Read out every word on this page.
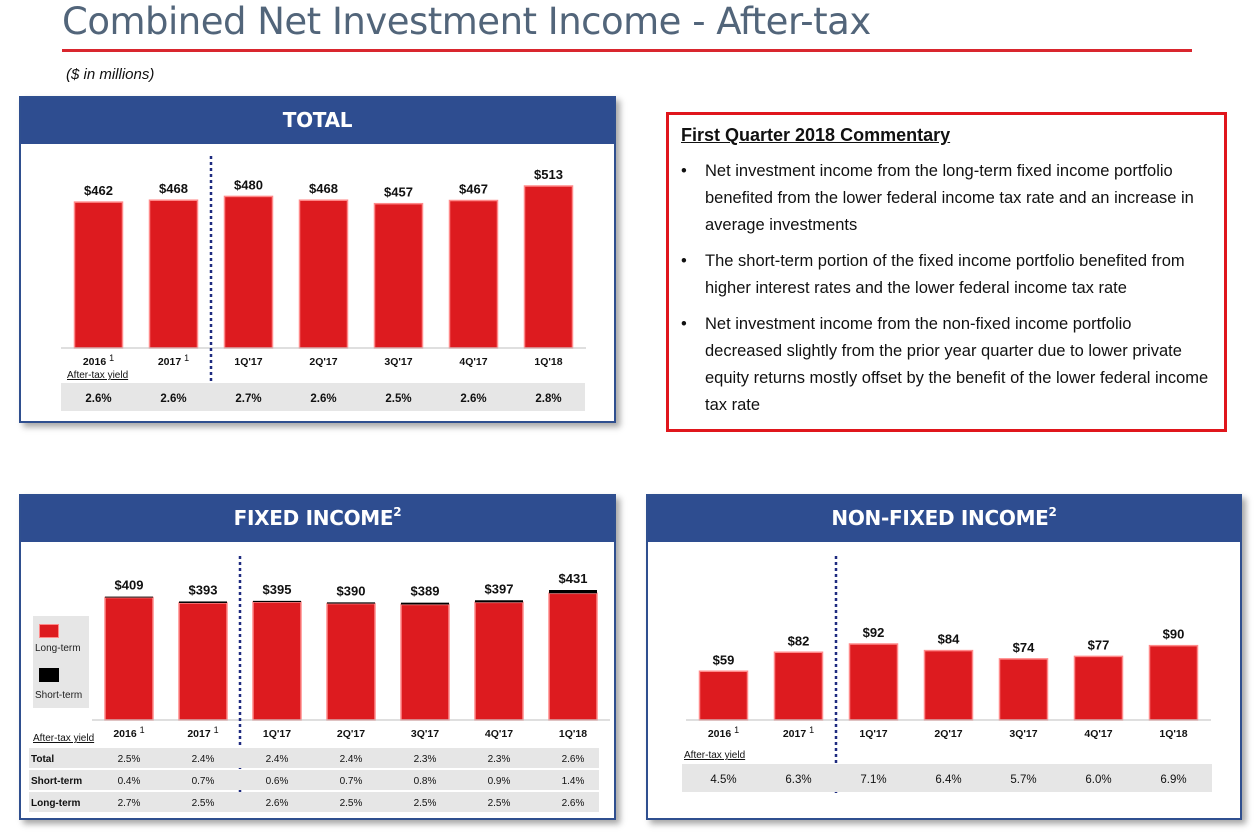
Combined Net Investment Income - After-tax
($ in millions)
TOTAL
$462
2016 1
$468
2017 1
$480
1Q'17
$468
2Q'17
$457
3Q'17
$467
4Q'17
$513
1Q'18
After-tax yield
2.6%	2.6%	2.7%	2.6%	2.5%	2.6%	2.8%
First Quarter 2018 Commentary
• Net investment income from the long-term fixed income portfolio benefited from the lower federal income tax rate and an increase in average investments
• The short-term portion of the fixed income portfolio benefited from higher interest rates and the lower federal income tax rate
• Net investment income from the non-fixed income portfolio decreased slightly from the prior year quarter due to lower private equity returns mostly offset by the benefit of the lower federal income tax rate
FIXED INCOME$^2$
Long-term
Short-term
$409
2016 1
$393
2017 1
$395
1Q'17
$390
2Q'17
$389
3Q'17
$397
4Q'17
$431
1Q'18
After-tax yield
Total	2.5%	2.4%	2.4%	2.4%	2.3%	2.3%	2.6%
Short-term	0.4%	0.7%	0.6%	0.7%	0.8%	0.9%	1.4%
Long-term	2.7%	2.5%	2.6%	2.5%	2.5%	2.5%	2.6%
NON-FIXED INCOME$^2$
$59
2016 1
$82
2017 1
$92
1Q'17
$84
2Q'17
$74
3Q'17
$77
4Q'17
$90
1Q'18
After-tax yield
4.5%	6.3%	7.1%	6.4%	5.7%	6.0%	6.9%
